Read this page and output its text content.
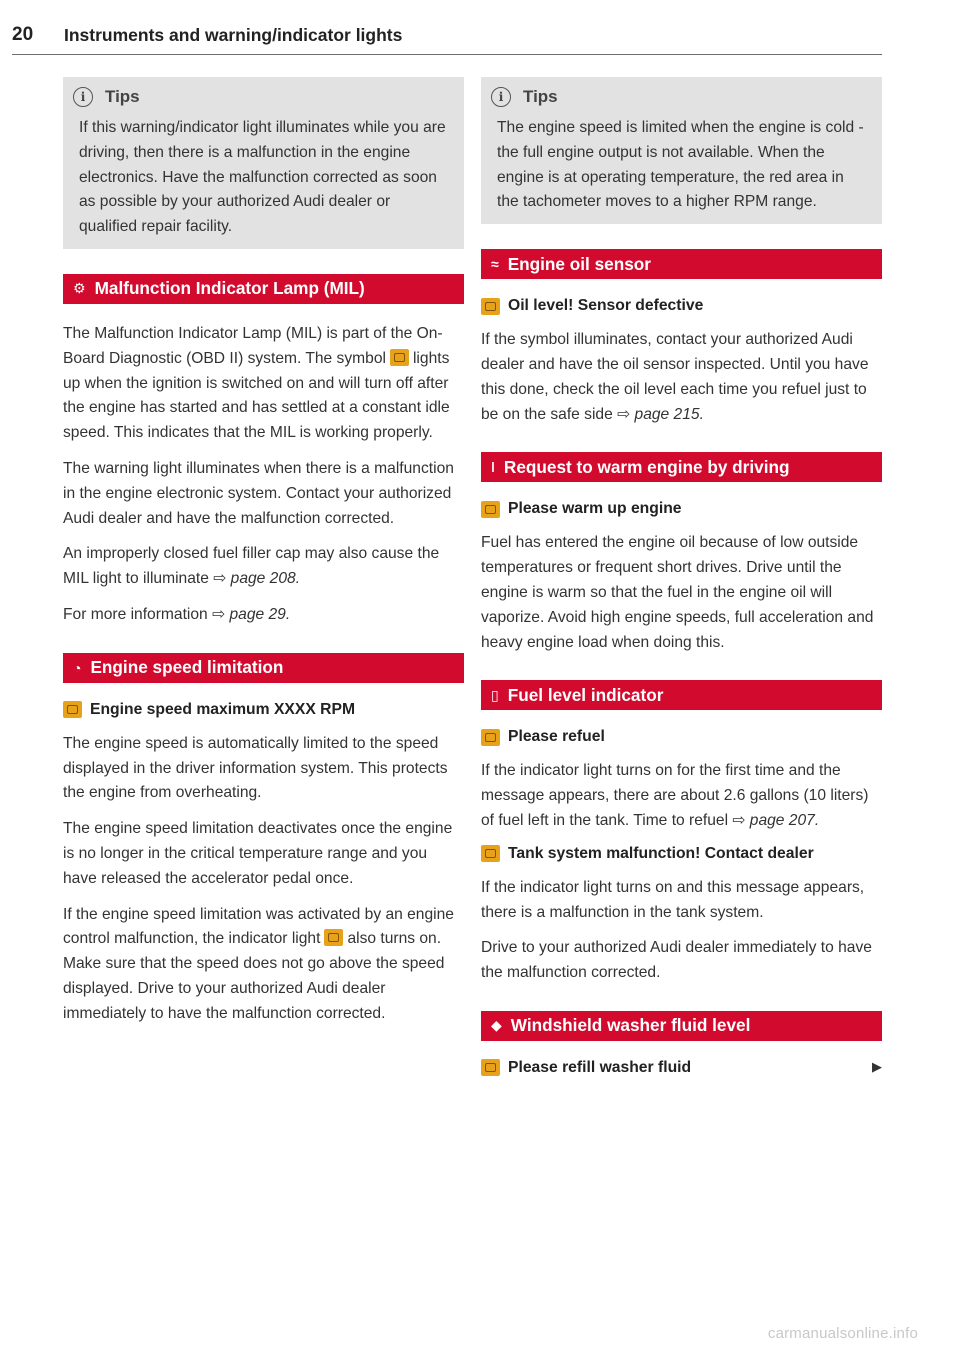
20 Instruments and warning/indicator lights
i	Tips

If this warning/indicator light illuminates while you are driving, then there is a malfunction in the engine electronics. Have the malfunction corrected as soon as possible by your authorized Audi dealer or qualified repair facility.

⚙ Malfunction Indicator Lamp (MIL)

The Malfunction Indicator Lamp (MIL) is part of the On-Board Diagnostic (OBD II) system. The symbol lights up when the ignition is switched on and will turn off after the engine has started and has settled at a constant idle speed. This indicates that the MIL is working properly.

The warning light illuminates when there is a malfunction in the engine electronic system. Contact your authorized Audi dealer and have the malfunction corrected.

An improperly closed fuel filler cap may also cause the MIL light to illuminate ⇨ page 208.

For more information ⇨ page 29.

◔ Engine speed limitation
Engine speed maximum XXXX RPM

The engine speed is automatically limited to the speed displayed in the driver information system. This protects the engine from overheating.

The engine speed limitation deactivates once the engine is no longer in the critical temperature range and you have released the accelerator pedal once.

If the engine speed limitation was activated by an engine control malfunction, the indicator light also turns on. Make sure that the speed does not go above the speed displayed. Drive to your authorized Audi dealer immediately to have the malfunction corrected.

i	Tips

The engine speed is limited when the engine is cold - the full engine output is not available. When the engine is at operating temperature, the red area in the tachometer moves to a higher RPM range.

≈ Engine oil sensor
Oil level! Sensor defective

If the symbol illuminates, contact your authorized Audi dealer and have the oil sensor inspected. Until you have this done, check the oil level each time you refuel just to be on the safe side ⇨ page 215.

ǀ Request to warm engine by driving
Please warm up engine

Fuel has entered the engine oil because of low outside temperatures or frequent short drives. Drive until the engine is warm so that the fuel in the engine oil will vaporize. Avoid high engine speeds, full acceleration and heavy engine load when doing this.

▯ Fuel level indicator
Please refuel

If the indicator light turns on for the first time and the message appears, there are about 2.6 gallons (10 liters) of fuel left in the tank. Time to refuel ⇨ page 207.

Tank system malfunction! Contact dealer

If the indicator light turns on and this message appears, there is a malfunction in the tank system.

Drive to your authorized Audi dealer immediately to have the malfunction corrected.

◆ Windshield washer fluid level
Please refill washer fluid	▶
carmanualsonline.info
